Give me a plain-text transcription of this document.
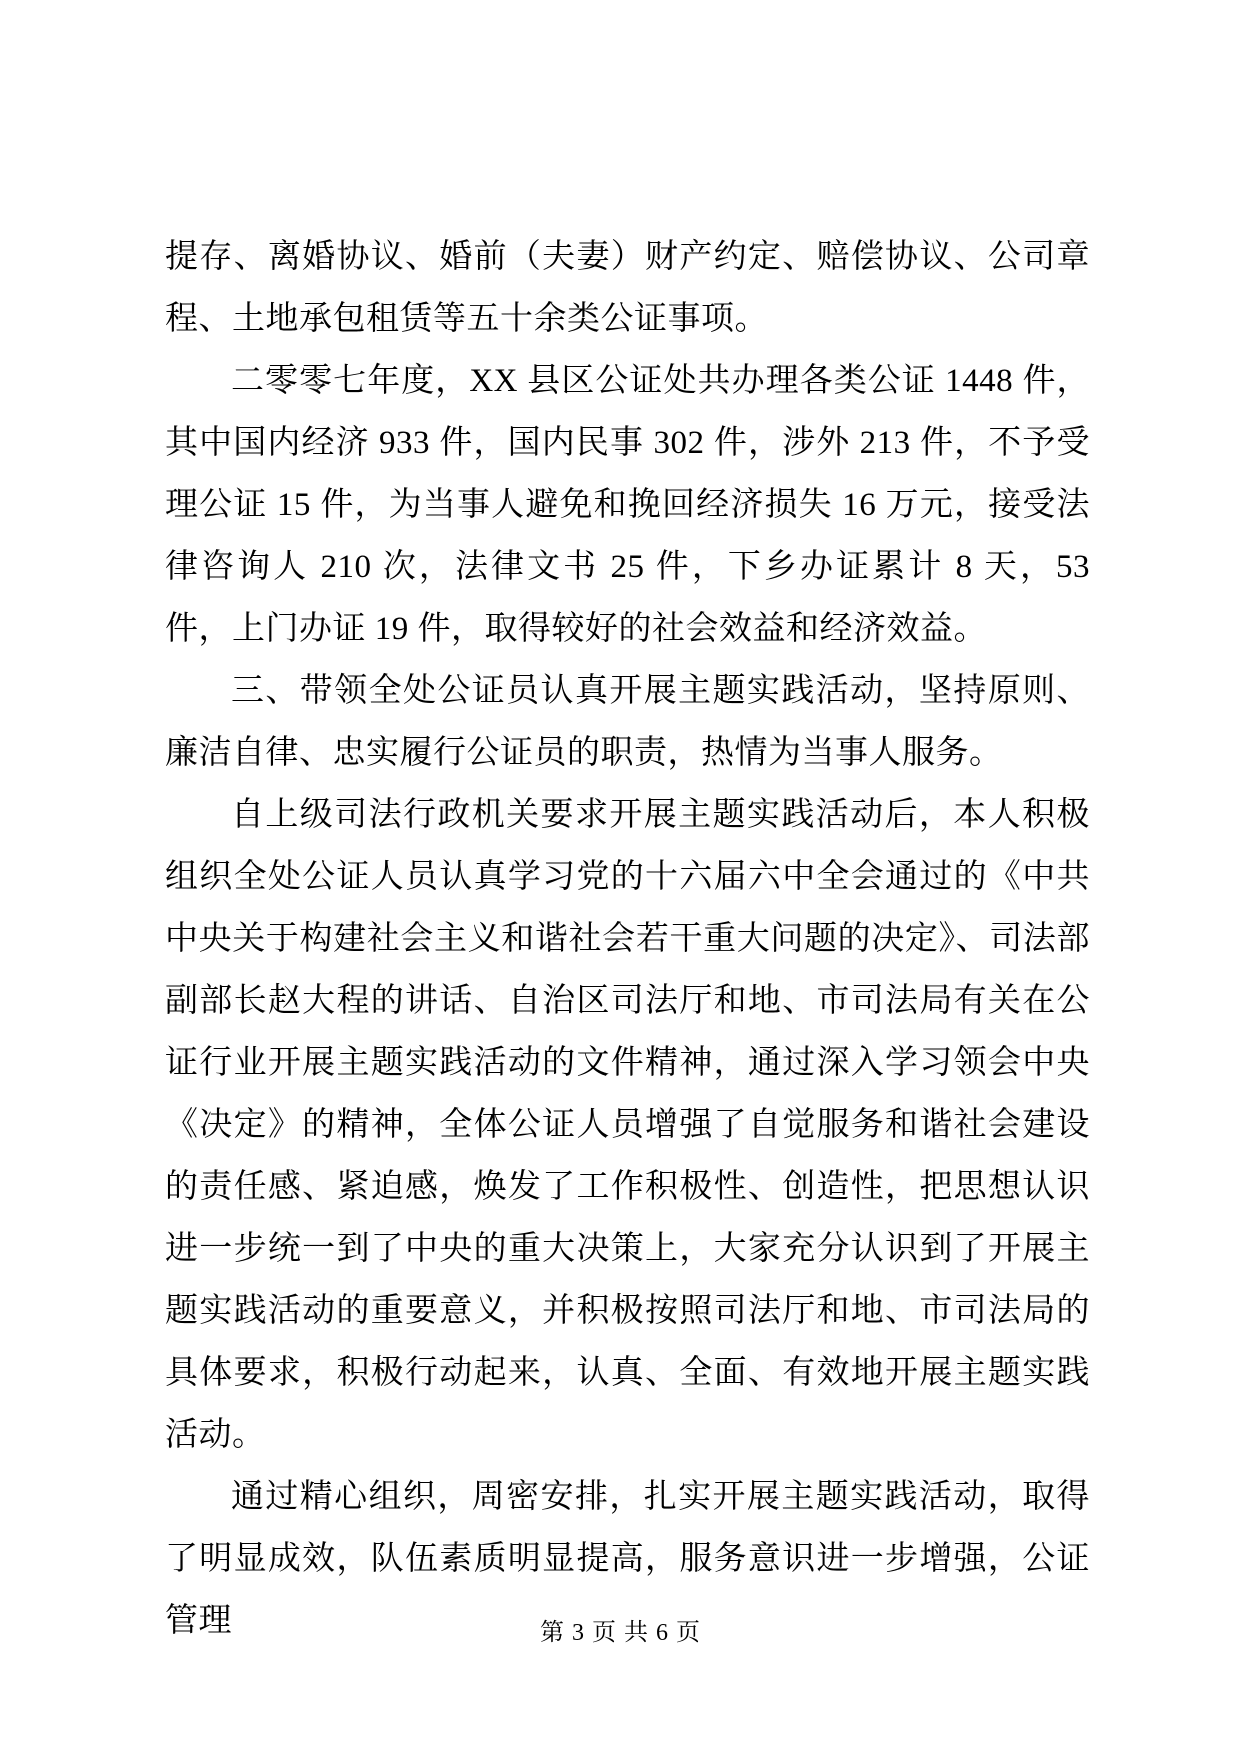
提存、离婚协议、婚前（夫妻）财产约定、赔偿协议、公司章程、土地承包租赁等五十余类公证事项。

二零零七年度，XX 县区公证处共办理各类公证 1448 件，其中国内经济 933 件，国内民事 302 件，涉外 213 件，不予受理公证 15 件，为当事人避免和挽回经济损失 16 万元，接受法律咨询人 210 次，法律文书 25 件，下乡办证累计 8 天，53 件，上门办证 19 件，取得较好的社会效益和经济效益。

三、带领全处公证员认真开展主题实践活动，坚持原则、廉洁自律、忠实履行公证员的职责，热情为当事人服务。

自上级司法行政机关要求开展主题实践活动后，本人积极组织全处公证人员认真学习党的十六届六中全会通过的《中共中央关于构建社会主义和谐社会若干重大问题的决定》、司法部副部长赵大程的讲话、自治区司法厅和地、市司法局有关在公证行业开展主题实践活动的文件精神，通过深入学习领会中央《决定》的精神，全体公证人员增强了自觉服务和谐社会建设的责任感、紧迫感，焕发了工作积极性、创造性，把思想认识进一步统一到了中央的重大决策上，大家充分认识到了开展主题实践活动的重要意义，并积极按照司法厅和地、市司法局的具体要求，积极行动起来，认真、全面、有效地开展主题实践活动。

通过精心组织，周密安排，扎实开展主题实践活动，取得了明显成效，队伍素质明显提高，服务意识进一步增强，公证管理	第 3 页 共 6 页
